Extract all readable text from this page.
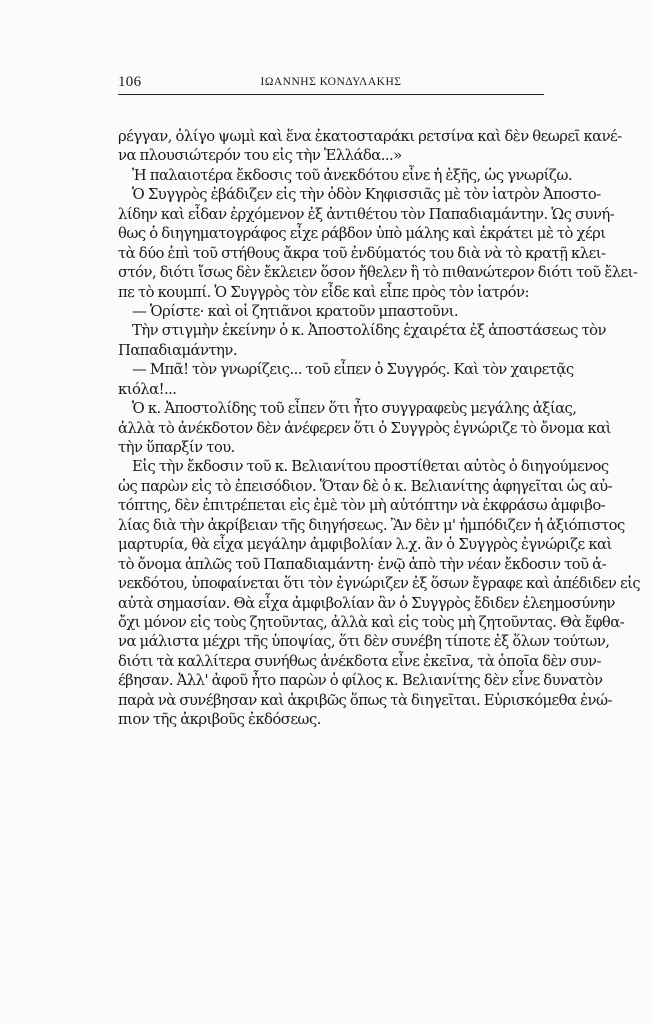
106	ΙΩΑΝΝΗΣ ΚΟΝΔΥΛΑΚΗΣ
ρέγγαν, ὀλίγο ψωμὶ καὶ ἕνα ἑκατοσταράκι ρετσίνα καὶ δὲν θεωρεῖ κανέ-
να πλουσιώτερόν του εἰς τὴν Ἑλλάδα...»
Ἡ παλαιοτέρα ἔκδοσις τοῦ ἀνεκδότου εἶνε ἡ ἑξῆς, ὡς γνωρίζω.
Ὁ Συγγρὸς ἐβάδιζεν εἰς τὴν ὁδὸν Κηφισσιᾶς μὲ τὸν ἰατρὸν Ἀποστο-
λίδην καὶ εἶδαν ἐρχόμενον ἐξ ἀντιθέτου τὸν Παπαδιαμάντην. Ὡς συνή-
θως ὁ διηγηματογράφος εἶχε ράβδον ὑπὸ μάλης καὶ ἐκράτει μὲ τὸ χέρι
τὰ δύο ἐπὶ τοῦ στήθους ἄκρα τοῦ ἐνδύματός του διὰ νὰ τὸ κρατῇ κλει-
στόν, διότι ἴσως δὲν ἔκλειεν ὅσον ἤθελεν ἢ τὸ πιθανώτερον διότι τοῦ ἔλει-
πε τὸ κουμπί. Ὁ Συγγρὸς τὸν εἶδε καὶ εἶπε πρὸς τὸν ἰατρόν:
— Ὁρίστε· καὶ οἱ ζητιᾶνοι κρατοῦν μπαστοῦνι.
Τὴν στιγμὴν ἐκείνην ὁ κ. Ἀποστολίδης ἐχαιρέτα ἐξ ἀποστάσεως τὸν
Παπαδιαμάντην.
— Μπᾶ! τὸν γνωρίζεις... τοῦ εἶπεν ὁ Συγγρός. Καὶ τὸν χαιρετᾷς
κιόλα!...
Ὁ κ. Ἀποστολίδης τοῦ εἶπεν ὅτι ἦτο συγγραφεὺς μεγάλης ἀξίας,
ἀλλὰ τὸ ἀνέκδοτον δὲν ἀνέφερεν ὅτι ὁ Συγγρὸς ἐγνώριζε τὸ ὄνομα καὶ
τὴν ὕπαρξίν του.
Εἰς τὴν ἔκδοσιν τοῦ κ. Βελιανίτου προστίθεται αὐτὸς ὁ διηγούμενος
ὡς παρὼν εἰς τὸ ἐπεισόδιον. Ὅταν δὲ ὁ κ. Βελιανίτης ἀφηγεῖται ὡς αὐ-
τόπτης, δὲν ἐπιτρέπεται εἰς ἐμὲ τὸν μὴ αὐτόπτην νὰ ἐκφράσω ἀμφιβο-
λίας διὰ τὴν ἀκρίβειαν τῆς διηγήσεως. Ἂν δὲν μ' ἠμπόδιζεν ἡ ἀξιόπιστος
μαρτυρία, θὰ εἶχα μεγάλην ἀμφιβολίαν λ.χ. ἂν ὁ Συγγρὸς ἐγνώριζε καὶ
τὸ ὄνομα ἁπλῶς τοῦ Παπαδιαμάντη· ἐνῷ ἀπὸ τὴν νέαν ἔκδοσιν τοῦ ἀ-
νεκδότου, ὑποφαίνεται ὅτι τὸν ἐγνώριζεν ἐξ ὅσων ἔγραφε καὶ ἀπέδιδεν εἰς
αὐτὰ σημασίαν. Θὰ εἶχα ἀμφιβολίαν ἂν ὁ Συγγρὸς ἔδιδεν ἐλεημοσύνην
ὄχι μόνον εἰς τοὺς ζητοῦντας, ἀλλὰ καὶ εἰς τοὺς μὴ ζητοῦντας. Θὰ ἔφθα-
να μάλιστα μέχρι τῆς ὑποψίας, ὅτι δὲν συνέβη τίποτε ἐξ ὅλων τούτων,
διότι τὰ καλλίτερα συνήθως ἀνέκδοτα εἶνε ἐκεῖνα, τὰ ὁποῖα δὲν συν-
έβησαν. Ἀλλ' ἀφοῦ ἦτο παρὼν ὁ φίλος κ. Βελιανίτης δὲν εἶνε δυνατὸν
παρὰ νὰ συνέβησαν καὶ ἀκριβῶς ὅπως τὰ διηγεῖται. Εὑρισκόμεθα ἐνώ-
πιον τῆς ἀκριβοῦς ἐκδόσεως.
